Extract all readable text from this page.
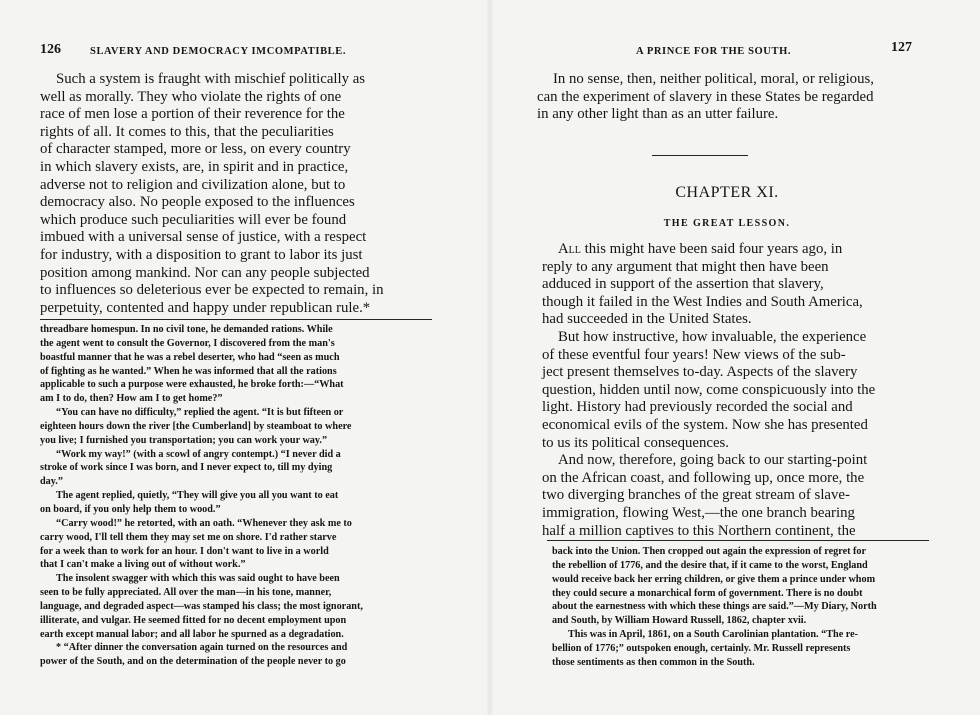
126	SLAVERY AND DEMOCRACY IMCOMPATIBLE.

Such a system is fraught with mischief politically as

well as morally. They who violate the rights of one

race of men lose a portion of their reverence for the

rights of all. It comes to this, that the peculiarities

of character stamped, more or less, on every country

in which slavery exists, are, in spirit and in practice,

adverse not to religion and civilization alone, but to

democracy also. No people exposed to the influences

which produce such peculiarities will ever be found

imbued with a universal sense of justice, with a respect

for industry, with a disposition to grant to labor its just

position among mankind. Nor can any people subjected

to influences so deleterious ever be expected to remain, in

perpetuity, contented and happy under republican rule.*

threadbare homespun. In no civil tone, he demanded rations. While

the agent went to consult the Governor, I discovered from the man's

boastful manner that he was a rebel deserter, who had “seen as much

of fighting as he wanted.” When he was informed that all the rations

applicable to such a purpose were exhausted, he broke forth:—“What

am I to do, then? How am I to get home?”

“You can have no difficulty,” replied the agent. “It is but fifteen or

eighteen hours down the river [the Cumberland] by steamboat to where

you live; I furnished you transportation; you can work your way.”

“Work my way!” (with a scowl of angry contempt.) “I never did a

stroke of work since I was born, and I never expect to, till my dying

day.”

The agent replied, quietly, “They will give you all you want to eat

on board, if you only help them to wood.”

“Carry wood!” he retorted, with an oath. “Whenever they ask me to

carry wood, I'll tell them they may set me on shore. I'd rather starve

for a week than to work for an hour. I don't want to live in a world

that I can't make a living out of without work.”

The insolent swagger with which this was said ought to have been

seen to be fully appreciated. All over the man—in his tone, manner,

language, and degraded aspect—was stamped his class; the most ignorant,

illiterate, and vulgar. He seemed fitted for no decent employment upon

earth except manual labor; and all labor he spurned as a degradation.

* “After dinner the conversation again turned on the resources and

power of the South, and on the determination of the people never to go

A PRINCE FOR THE SOUTH.	127

In no sense, then, neither political, moral, or religious,

can the experiment of slavery in these States be regarded

in any other light than as an utter failure.

CHAPTER XI.
THE GREAT LESSON.

All this might have been said four years ago, in

reply to any argument that might then have been

adduced in support of the assertion that slavery,

though it failed in the West Indies and South America,

had succeeded in the United States.

But how instructive, how invaluable, the experience

of these eventful four years! New views of the sub-

ject present themselves to-day. Aspects of the slavery

question, hidden until now, come conspicuously into the

light. History had previously recorded the social and

economical evils of the system. Now she has presented

to us its political consequences.

And now, therefore, going back to our starting-point

on the African coast, and following up, once more, the

two diverging branches of the great stream of slave-

immigration, flowing West,—the one branch bearing

half a million captives to this Northern continent, the

back into the Union. Then cropped out again the expression of regret for

the rebellion of 1776, and the desire that, if it came to the worst, England

would receive back her erring children, or give them a prince under whom

they could secure a monarchical form of government. There is no doubt

about the earnestness with which these things are said.”—My Diary, North

and South, by William Howard Russell, 1862, chapter xvii.

This was in April, 1861, on a South Carolinian plantation. “The re-

bellion of 1776;” outspoken enough, certainly. Mr. Russell represents

those sentiments as then common in the South.
